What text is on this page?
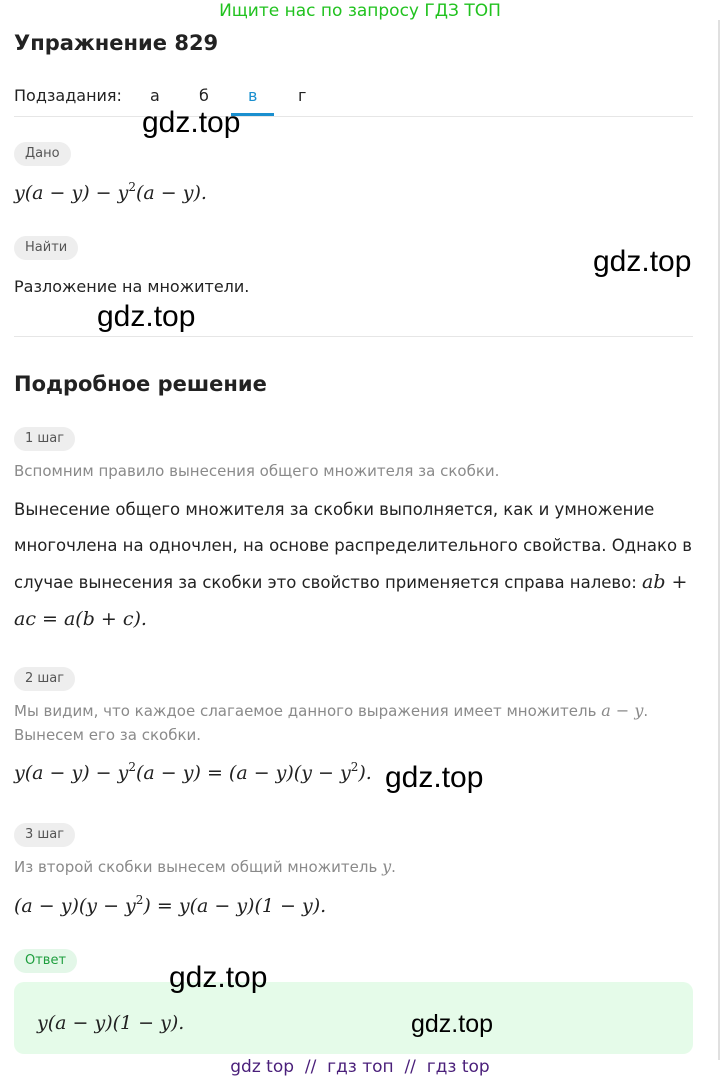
Ищите нас по запросу ГДЗ ТОП
Упражнение 829
Подзадания: а б в	г
Дано
$y(a - y) - y^2(a - y)$.
Найти
Разложение на множители.
Подробное решение
1 шаг
Вспомним правило вынесения общего множителя за скобки.
Вынесение общего множителя за скобки выполняется, как и умножение многочлена на одночлен, на основе распределительного свойства. Однако в случае вынесения за скобки это свойство применяется справа налево: ab + ac = a(b + c).
2 шаг
Мы видим, что каждое слагаемое данного выражения имеет множитель a − y. Вынесем его за скобки.
$y(a - y) - y^2(a - y) = (a - y)(y - y^2)$.
3 шаг
Из второй скобки вынесем общий множитель y.
$(a - y)(y - y^2) = y(a - y)(1 - y)$.
Ответ
y(a − y)(1 − y).
gdz.top
gdz.top
gdz.top
gdz.top
gdz.top
gdz.top
gdz top  //  гдз топ  //  гдз top
